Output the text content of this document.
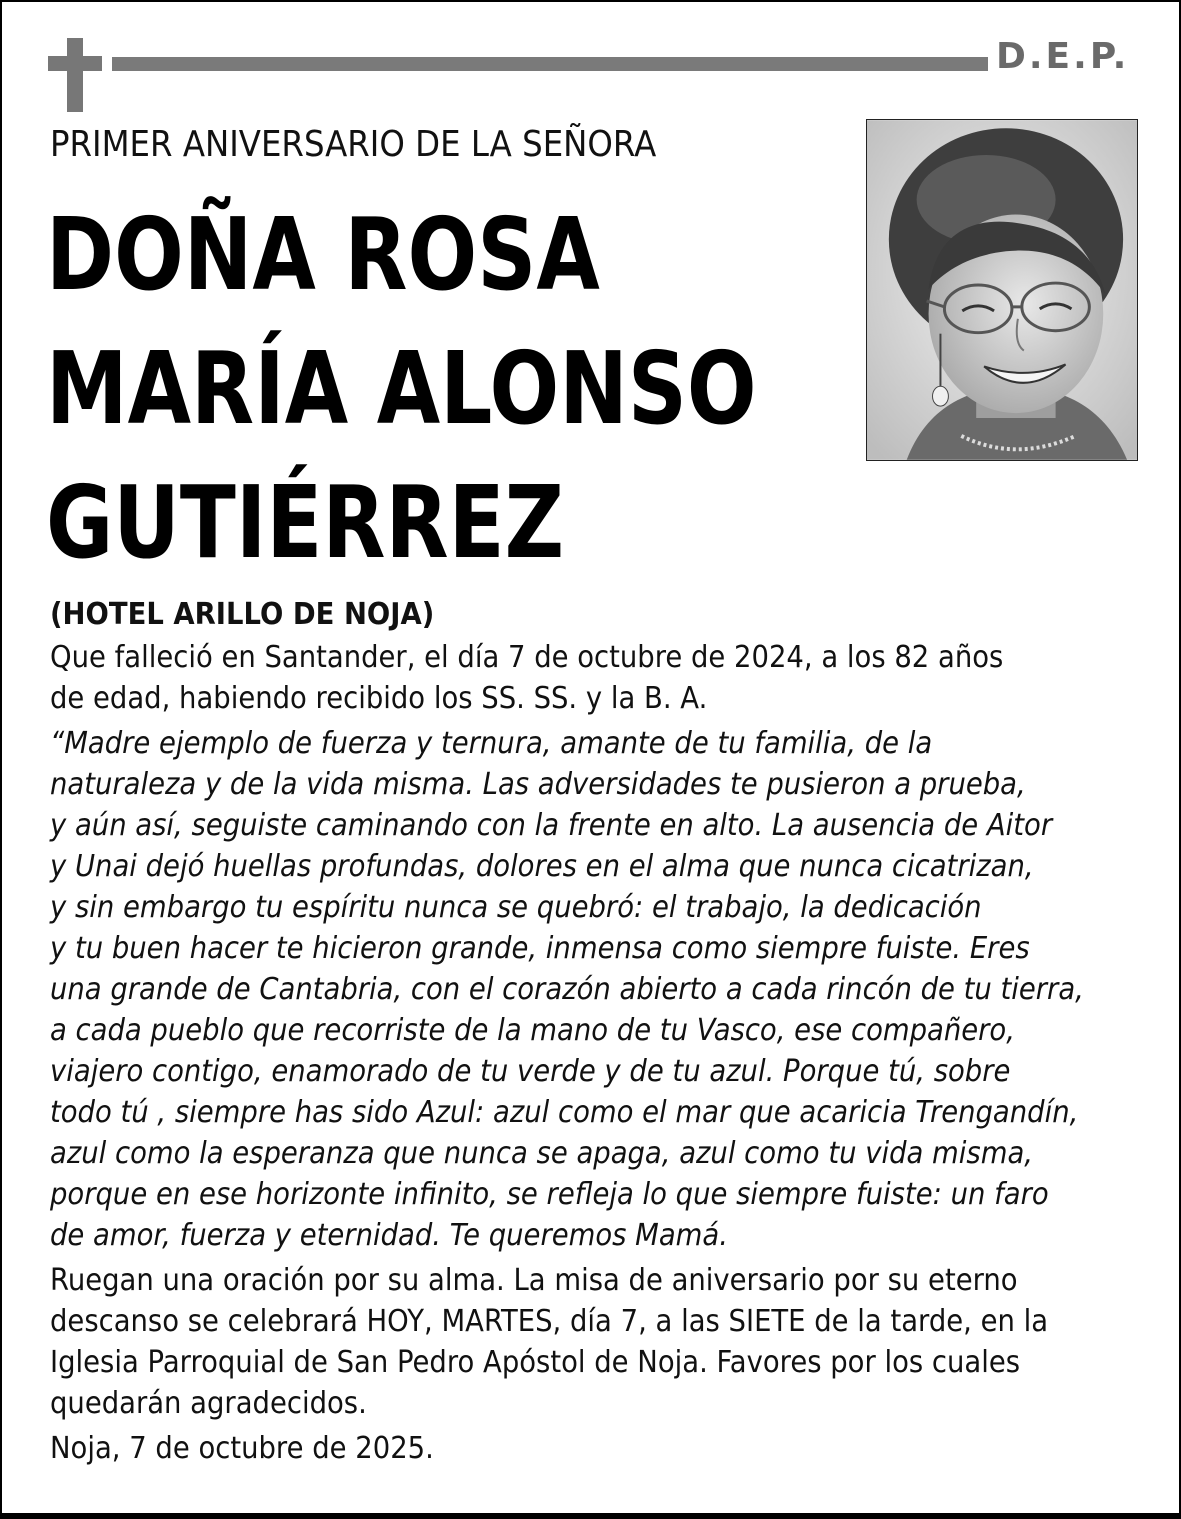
D.E.P.
PRIMER ANIVERSARIO DE LA SEÑORA
DOÑA ROSA
MARÍA ALONSO
GUTIÉRREZ

(HOTEL ARILLO DE NOJA)

Que falleció en Santander, el día 7 de octubre de 2024, a los 82 años

de edad, habiendo recibido los SS. SS. y la B. A.

“Madre ejemplo de fuerza y ternura, amante de tu familia, de la

naturaleza y de la vida misma. Las adversidades te pusieron a prueba,

y aún así, seguiste caminando con la frente en alto. La ausencia de Aitor

y Unai dejó huellas profundas, dolores en el alma que nunca cicatrizan,

y sin embargo tu espíritu nunca se quebró: el trabajo, la dedicación

y tu buen hacer te hicieron grande, inmensa como siempre fuiste. Eres

una grande de Cantabria, con el corazón abierto a cada rincón de tu tierra,

a cada pueblo que recorriste de la mano de tu Vasco, ese compañero,

viajero contigo, enamorado de tu verde y de tu azul. Porque tú, sobre

todo tú , siempre has sido Azul: azul como el mar que acaricia Trengandín,

azul como la esperanza que nunca se apaga, azul como tu vida misma,

porque en ese horizonte infinito, se refleja lo que siempre fuiste: un faro

de amor, fuerza y eternidad. Te queremos Mamá.

Ruegan una oración por su alma. La misa de aniversario por su eterno

descanso se celebrará HOY, MARTES, día 7, a las SIETE de la tarde, en la

Iglesia Parroquial de San Pedro Apóstol de Noja. Favores por los cuales

quedarán agradecidos.

Noja, 7 de octubre de 2025.
